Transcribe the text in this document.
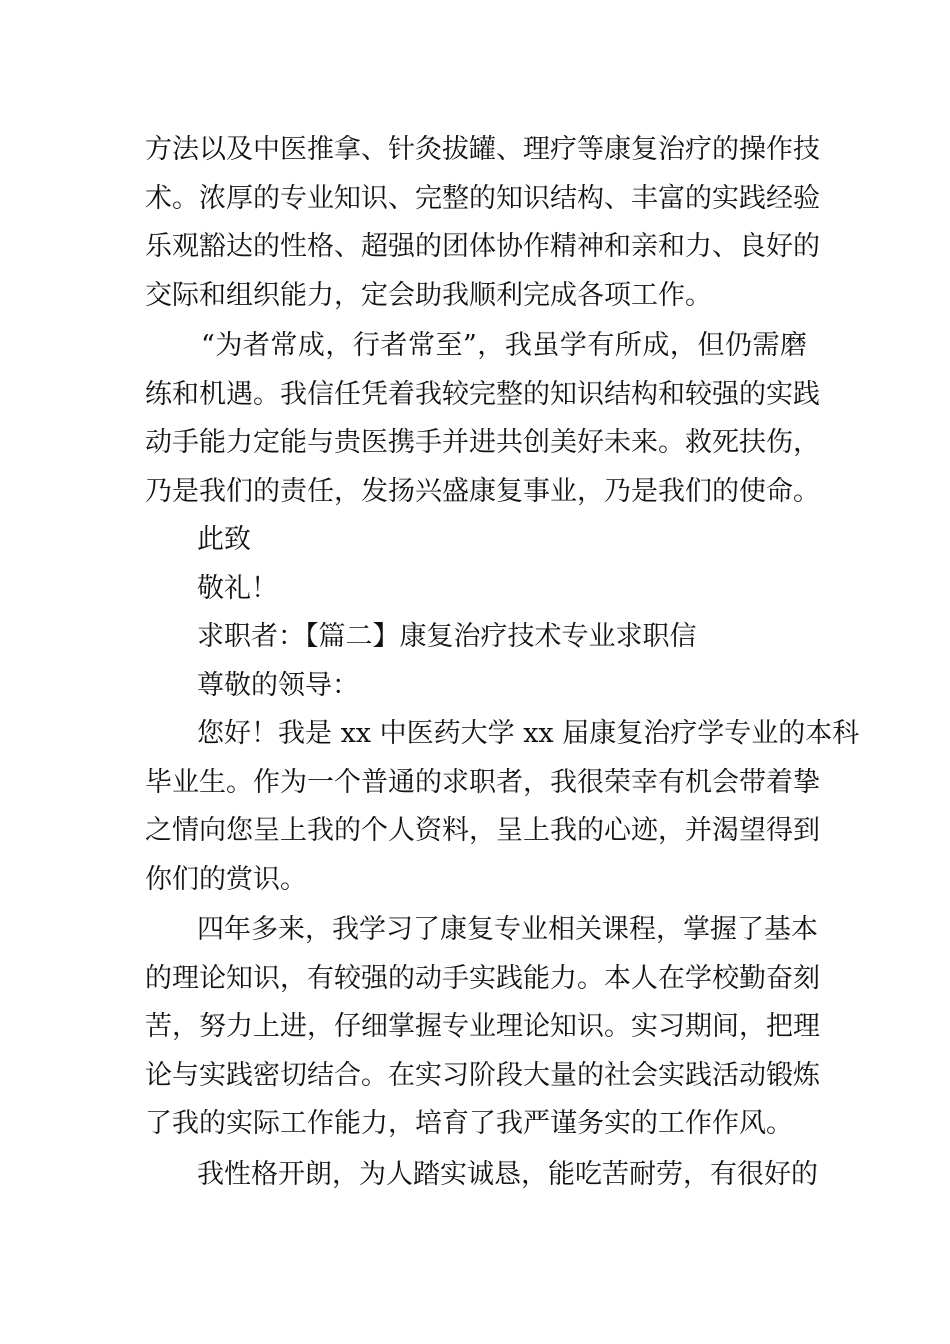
方法以及中医推拿、针灸拔罐、理疗等康复治疗的操作技
术。浓厚的专业知识、完整的知识结构、丰富的实践经验
乐观豁达的性格、超强的团体协作精神和亲和力、良好的
交际和组织能力，定会助我顺利完成各项工作。
“为者常成，行者常至”，我虽学有所成，但仍需磨
练和机遇。我信任凭着我较完整的知识结构和较强的实践
动手能力定能与贵医携手并进共创美好未来。救死扶伤，
乃是我们的责任，发扬兴盛康复事业，乃是我们的使命。
此致
敬礼！
求职者：【篇二】康复治疗技术专业求职信
尊敬的领导：
您好！我是 xx 中医药大学 xx 届康复治疗学专业的本科
毕业生。作为一个普通的求职者，我很荣幸有机会带着挚
之情向您呈上我的个人资料，呈上我的心迹，并渴望得到
你们的赏识。
四年多来，我学习了康复专业相关课程，掌握了基本
的理论知识，有较强的动手实践能力。本人在学校勤奋刻
苦，努力上进，仔细掌握专业理论知识。实习期间，把理
论与实践密切结合。在实习阶段大量的社会实践活动锻炼
了我的实际工作能力，培育了我严谨务实的工作作风。
我性格开朗，为人踏实诚恳，能吃苦耐劳，有很好的
